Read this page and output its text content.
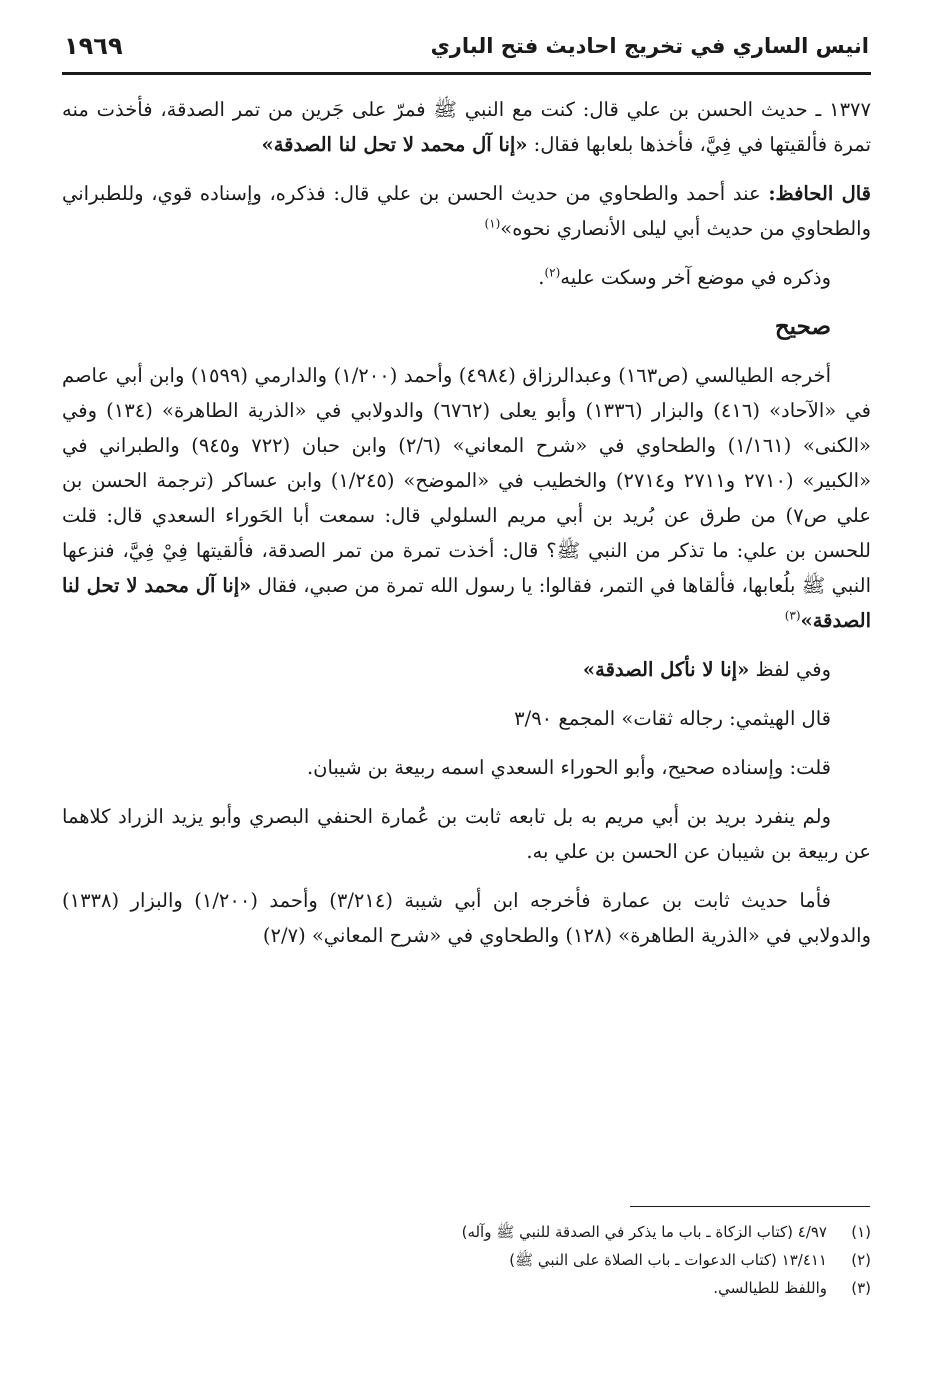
انيس الساري في تخريج احاديث فتح الباري
١٩٦٩

١٣٧٧ ـ حديث الحسن بن علي قال: كنت مع النبي ﷺ فمرّ على جَرين من تمر الصدقة، فأخذت منه تمرة فألقيتها في فِيَّ، فأخذها بلعابها فقال: «إنا آل محمد لا تحل لنا الصدقة»

قال الحافظ: عند أحمد والطحاوي من حديث الحسن بن علي قال: فذكره، وإسناده قوي، وللطبراني والطحاوي من حديث أبي ليلى الأنصاري نحوه»$^{(١)}$

وذكره في موضع آخر وسكت عليه$^{(٢)}$.

صحيح

أخرجه الطيالسي (ص١٦٣) وعبدالرزاق (٤٩٨٤) وأحمد (١/٢٠٠) والدارمي (١٥٩٩) وابن أبي عاصم في «الآحاد» (٤١٦) والبزار (١٣٣٦) وأبو يعلى (٦٧٦٢) والدولابي في «الذرية الطاهرة» (١٣٤) وفي «الكنى» (١/١٦١) والطحاوي في «شرح المعاني» (٢/٦) وابن حبان (٧٢٢ و٩٤٥) والطبراني في «الكبير» (٢٧١٠ و٢٧١١ و٢٧١٤) والخطيب في «الموضح» (١/٢٤٥) وابن عساكر (ترجمة الحسن بن علي ص٧) من طرق عن بُريد بن أبي مريم السلولي قال: سمعت أبا الحَوراء السعدي قال: قلت للحسن بن علي: ما تذكر من النبي ﷺ؟ قال: أخذت تمرة من تمر الصدقة، فألقيتها فِيْ فِيَّ، فنزعها النبي ﷺ بلُعابها، فألقاها في التمر، فقالوا: يا رسول الله تمرة من صبي، فقال «إنا آل محمد لا تحل لنا الصدقة»$^{(٣)}$

وفي لفظ «إنا لا نأكل الصدقة»

قال الهيثمي: رجاله ثقات» المجمع ٣/٩٠

قلت: وإسناده صحيح، وأبو الحوراء السعدي اسمه ربيعة بن شيبان.

ولم ينفرد بريد بن أبي مريم به بل تابعه ثابت بن عُمارة الحنفي البصري وأبو يزيد الزراد كلاهما عن ربيعة بن شيبان عن الحسن بن علي به.

فأما حديث ثابت بن عمارة فأخرجه ابن أبي شيبة (٣/٢١٤) وأحمد (١/٢٠٠) والبزار (١٣٣٨) والدولابي في «الذرية الطاهرة» (١٢٨) والطحاوي في «شرح المعاني» (٢/٧)

(١)
٤/٩٧ (كتاب الزكاة ـ باب ما يذكر في الصدقة للنبي ﷺ وآله)
(٢)
١٣/٤١١ (كتاب الدعوات ـ باب الصلاة على النبي ﷺ)
(٣)
واللفظ للطيالسي.
